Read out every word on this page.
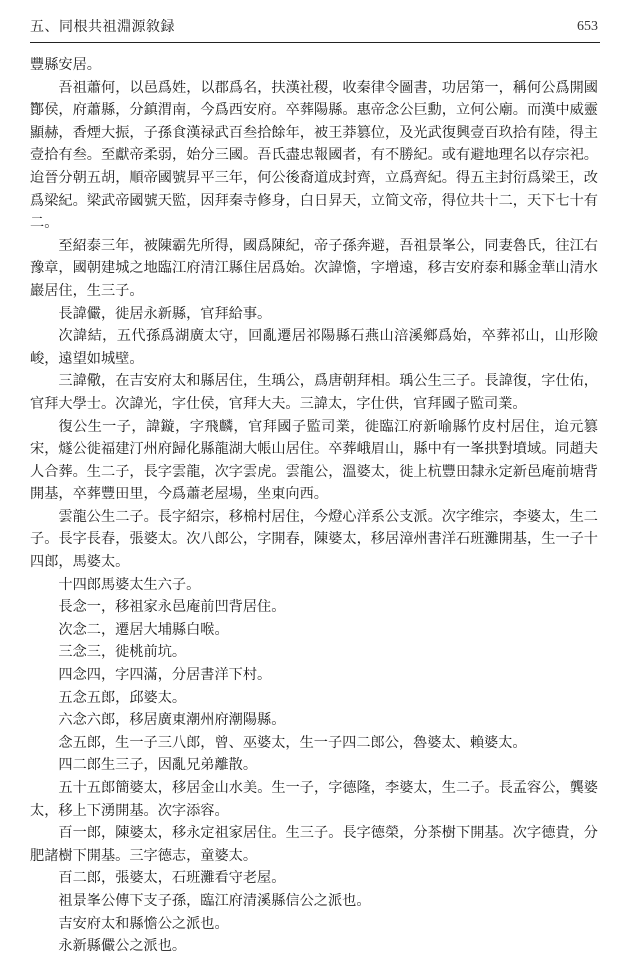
五、同根共祖淵源敘録	653

豐縣安居。

吾祖蕭何，以邑爲姓，以郡爲名，扶漢社稷，收秦律令圖書，功居第一，稱何公爲開國酇侯，府蕭縣，分鎮渭南，今爲西安府。卒葬陽縣。惠帝念公巨勳，立何公廟。而漢中威靈顯赫，香煙大振，子孫食漢禄武百叁拾餘年，被王莽篡位，及光武復興壹百玖拾有陸，得主壹拾有叁。至獻帝柔弱，始分三國。吾氏盡忠報國者，有不勝紀。或有避地理名以存宗祀。迨晉分朝五胡，順帝國號昇平三年，何公後裔道成封齊，立爲齊紀。得五主封衍爲梁王，改爲梁紀。梁武帝國號天監，因拜秦寺修身，白日昇天，立简文帝，得位共十二，天下七十有二。

至紹泰三年，被陳霸先所得，國爲陳紀，帝子孫奔避，吾祖景峯公，同妻魯氏，往江右豫章，國朝建城之地臨江府清江縣住居爲始。次諱憺，字增遠，移吉安府泰和縣金華山清水巖居住，生三子。

長諱儼，徙居永新縣，官拜給事。

次諱結，五代孫爲湖廣太守，回亂遷居祁陽縣石燕山涪溪鄉爲始，卒葬祁山，山形險峻，遠望如城壁。

三諱儆，在吉安府太和縣居住，生瑀公，爲唐朝拜相。瑀公生三子。長諱復，字仕佑，官拜大學士。次諱光，字仕侯，官拜大夫。三諱太，字仕供，官拜國子監司業。

復公生一子，諱鏇，字飛麟，官拜國子監司業，徙臨江府新喻縣竹皮村居住，迨元篡宋，燧公徙福建汀州府歸化縣龍湖大帳山居住。卒葬峨眉山，縣中有一峯拱對墳域。同趙夫人合葬。生二子，長字雲龍，次字雲虎。雲龍公，溫婆太，徙上杭豐田隸永定新邑庵前塘背開基，卒葬豐田里，今爲蕭老屋場，坐東向西。

雲龍公生二子。長字紹宗，移棉村居住，今燈心洋系公支派。次字维宗，李婆太，生二子。長字長春，張婆太。次八郎公，字開春，陳婆太，移居漳州書洋石班灘開基，生一子十四郎，馬婆太。

十四郎馬婆太生六子。

長念一，移祖家永邑庵前凹背居住。

次念二，遷居大埔縣白喉。

三念三，徙桃前坑。

四念四，字四滿，分居書洋下村。

五念五郎，邱婆太。

六念六郎，移居廣東潮州府潮陽縣。

念五郎，生一子三八郎，曾、巫婆太，生一子四二郎公，魯婆太、賴婆太。

四二郎生三子，因亂兄弟離散。

五十五郎簡婆太，移居金山水美。生一子，字德隆，李婆太，生二子。長孟容公，龔婆太，移上下湧開基。次字添容。

百一郎，陳婆太，移永定祖家居住。生三子。長字德榮，分茶樹下開基。次字德貴，分肥諸樹下開基。三字德志，童婆太。

百二郎，張婆太，石班灘看守老屋。

祖景峯公傳下支子孫，臨江府清溪縣信公之派也。

吉安府太和縣憺公之派也。

永新縣儼公之派也。
